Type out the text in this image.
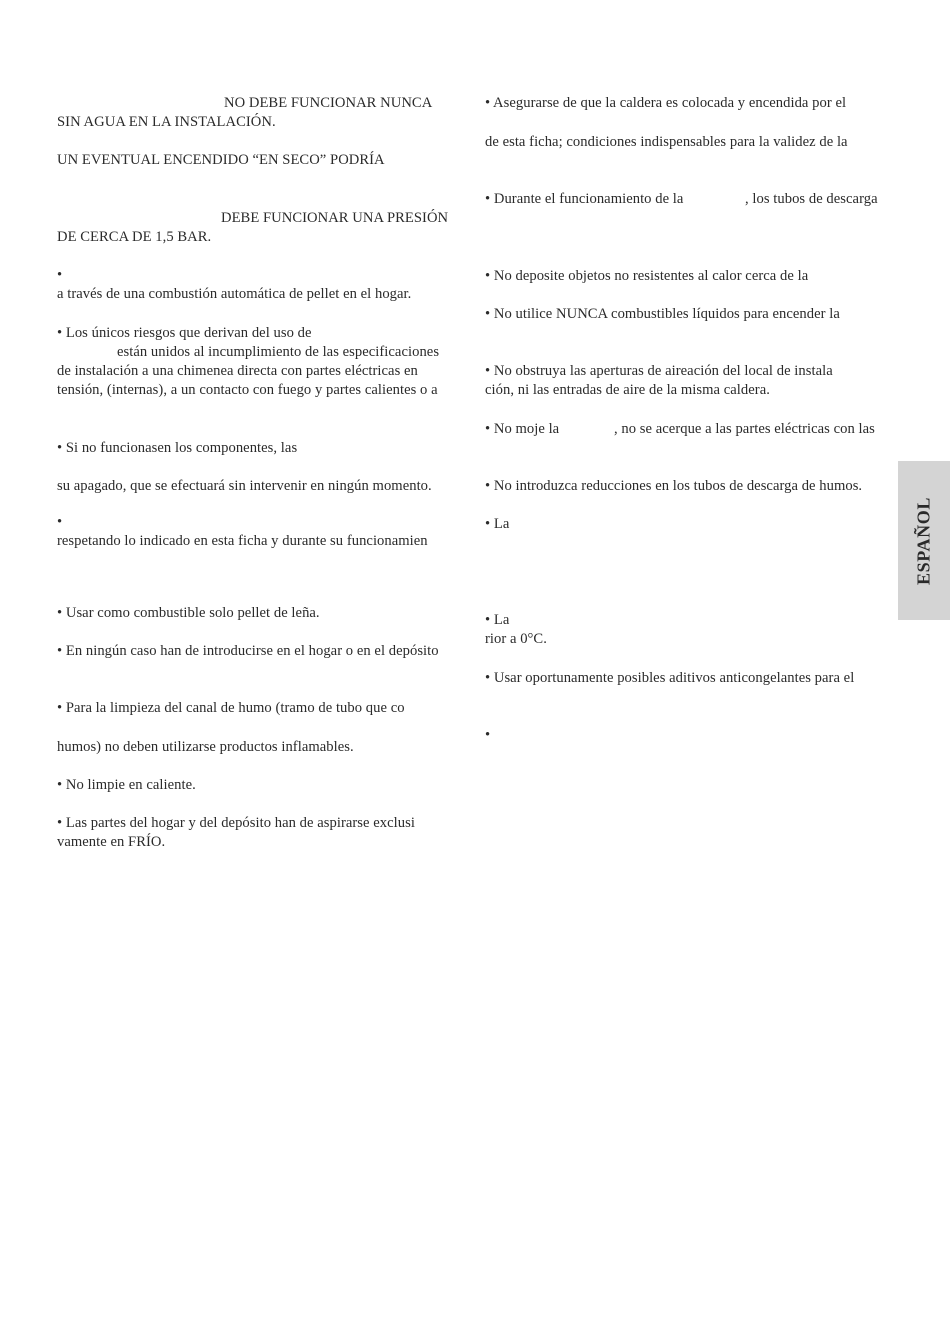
NO DEBE FUNCIONAR NUNCA
SIN AGUA EN LA INSTALACIÓN.
UN EVENTUAL ENCENDIDO “EN SECO” PODRÍA
DEBE FUNCIONAR UNA PRESIÓN
DE CERCA DE 1,5 BAR.
•
a través de una combustión automática de pellet en el hogar.
• Los únicos riesgos que derivan del uso de
están unidos al incumplimiento de las especificaciones
de instalación a una chimenea directa con partes eléctricas en
tensión, (internas), a un contacto con fuego y partes calientes o a
• Si no funcionasen los componentes, las
su apagado, que se efectuará sin intervenir en ningún momento.
•
respetando lo indicado en esta ficha y durante su funcionamien
• Usar como combustible solo pellet de leña.
• En ningún caso han de introducirse en el hogar o en el depósito
• Para la limpieza del canal de humo (tramo de tubo que co
humos) no deben utilizarse productos inflamables.
• No limpie en caliente.
• Las partes del hogar y del depósito han de aspirarse exclusi
vamente en FRÍO.
• Asegurarse de que la caldera es colocada y encendida por el
de esta ficha; condiciones indispensables para la validez de la
• Durante el funcionamiento de la	, los tubos de descarga
• No deposite objetos no resistentes al calor cerca de la
• No utilice NUNCA combustibles líquidos para encender la
• No obstruya las aperturas de aireación del local de instala
ción, ni las entradas de aire de la misma caldera.
• No moje la	, no se acerque a las partes eléctricas con las
• No introduzca reducciones en los tubos de descarga de humos.
• La
• La
rior a 0°C.
• Usar oportunamente posibles aditivos anticongelantes para el
•
ESPAÑOL
